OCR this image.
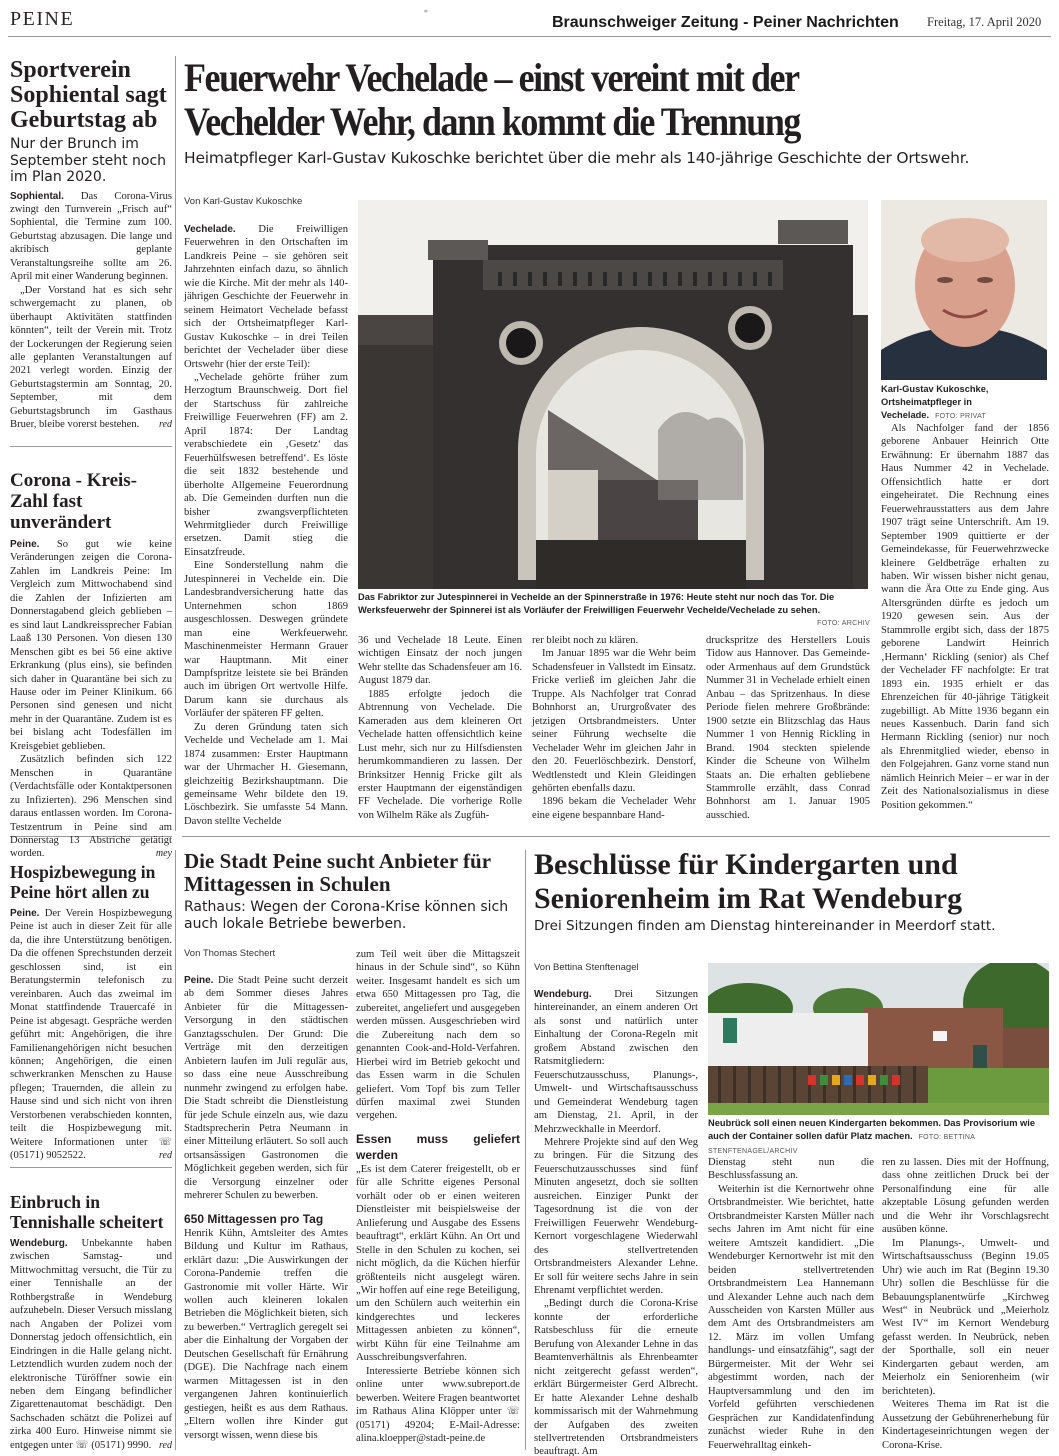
PEINE	*
Braunschweiger Zeitung - Peiner Nachrichten Freitag, 17. April 2020
Sportverein Sophiental sagt Geburtstag ab
Nur der Brunch im September steht noch im Plan 2020.

Sophiental. Das Corona-Virus zwingt den Turnverein „Frisch auf“ Sophiental, die Termine zum 100. Geburtstag abzusagen. Die lange und akribisch geplante Veranstaltungsreihe sollte am 26. April mit einer Wanderung beginnen.

„Der Vorstand hat es sich sehr schwergemacht zu planen, ob überhaupt Aktivitäten stattfinden könnten“, teilt der Verein mit. Trotz der Lockerungen der Regierung seien alle geplanten Veranstaltungen auf 2021 verlegt worden. Einzig der Geburtstagstermin am Sonntag, 20. September, mit dem Geburtstagsbrunch im Gasthaus Bruer, bleibe vorerst bestehen.	red

Corona - Kreis-Zahl fast unverändert

Peine. So gut wie keine Veränderungen zeigen die Corona-Zahlen im Landkreis Peine: Im Vergleich zum Mittwochabend sind die Zahlen der Infizierten am Donnerstagabend gleich geblieben – es sind laut Landkreissprecher Fabian Laaß 130 Personen. Von diesen 130 Menschen gibt es bei 56 eine aktive Erkrankung (plus eins), sie befinden sich daher in Quarantäne bei sich zu Hause oder im Peiner Klinikum. 66 Personen sind genesen und nicht mehr in der Quarantäne. Zudem ist es bei bislang acht Todesfällen im Kreisgebiet geblieben.

Zusätzlich befinden sich 122 Menschen in Quarantäne (Verdachtsfälle oder Kontaktpersonen zu Infizierten). 296 Menschen sind daraus entlassen worden. Im Corona-Testzentrum in Peine sind am Donnerstag 13 Abstriche getätigt worden.	mey

Hospizbewegung in Peine hört allen zu

Peine. Der Verein Hospizbewegung Peine ist auch in dieser Zeit für alle da, die ihre Unterstützung benötigen. Da die offenen Sprechstunden derzeit geschlossen sind, ist ein Beratungstermin telefonisch zu vereinbaren. Auch das zweimal im Monat stattfindende Trauercafé in Peine ist abgesagt. Gespräche werden geführt mit: Angehörigen, die ihre Familienangehörigen nicht besuchen können; Angehörigen, die einen schwerkranken Menschen zu Hause pflegen; Trauernden, die allein zu Hause sind und sich nicht von ihren Verstorbenen verabschieden konnten, teilt die Hospizbewegung mit. Weitere Informationen unter ☏ (05171) 9052522.	red

Einbruch in Tennishalle scheitert

Wendeburg. Unbekannte haben zwischen Samstag- und Mittwochmittag versucht, die Tür zu einer Tennishalle an der Rothbergstraße in Wendeburg aufzuhebeln. Dieser Versuch misslang nach Angaben der Polizei vom Donnerstag jedoch offensichtlich, ein Eindringen in die Halle gelang nicht. Letztendlich wurden zudem noch der elektronische Türöffner sowie ein neben dem Eingang befindlicher Zigarettenautomat beschädigt. Den Sachschaden schätzt die Polizei auf zirka 400 Euro. Hinweise nimmt sie entgegen unter ☏ (05171) 9990. red

Feuerwehr Vechelade – einst vereint mit der
Vechelder Wehr, dann kommt die Trennung
Heimatpfleger Karl-Gustav Kukoschke berichtet über die mehr als 140-jährige Geschichte der Ortswehr.
Von Karl-Gustav Kukoschke

Vechelade. Die Freiwilligen Feuerwehren in den Ortschaften im Landkreis Peine – sie gehören seit Jahrzehnten einfach dazu, so ähnlich wie die Kirche. Mit der mehr als 140-jährigen Geschichte der Feuerwehr in seinem Heimatort Vechelade befasst sich der Ortsheimatpfleger Karl-Gustav Kukoschke – in drei Teilen berichtet der Vechelader über diese Ortswehr (hier der erste Teil):

„Vechelade gehörte früher zum Herzogtum Braunschweig. Dort fiel der Startschuss für zahlreiche Freiwillige Feuerwehren (FF) am 2. April 1874: Der Landtag verabschiedete ein ‚Gesetz‘ das Feuerhülfswesen betreffend‘. Es löste die seit 1832 bestehende und überholte Allgemeine Feuerordnung ab. Die Gemeinden durften nun die bisher zwangsverpflichteten Wehrmitglieder durch Freiwillige ersetzen. Damit stieg die Einsatzfreude.

Eine Sonderstellung nahm die Jutespinnerei in Vechelde ein. Die Landesbrandversicherung hatte das Unternehmen schon 1869 ausgeschlossen. Deswegen gründete man eine Werkfeuerwehr. Maschinenmeister Hermann Grauer war Hauptmann. Mit einer Dampfspritze leistete sie bei Bränden auch im übrigen Ort wertvolle Hilfe. Darum kann sie durchaus als Vorläufer der späteren FF gelten.

Zu deren Gründung taten sich Vechelde und Vechelade am 1. Mai 1874 zusammen: Erster Hauptmann war der Uhrmacher H. Giesemann, gleichzeitig Bezirkshauptmann. Die gemeinsame Wehr bildete den 19. Löschbezirk. Sie umfasste 54 Mann. Davon stellte Vechelde

Das Fabriktor zur Jutespinnerei in Vechelde an der Spinnerstraße in 1976: Heute steht nur noch das Tor. Die Werksfeuerwehr der Spinnerei ist als Vorläufer der Freiwilligen Feuerwehr Vechelde/Vechelade zu sehen.
FOTO: ARCHIV

36 und Vechelade 18 Leute. Einen wichtigen Einsatz der noch jungen Wehr stellte das Schadensfeuer am 16. August 1879 dar.

1885 erfolgte jedoch die Abtrennung von Vechelade. Die Kameraden aus dem kleineren Ort Vechelade hatten offensichtlich keine Lust mehr, sich nur zu Hilfsdiensten herumkommandieren zu lassen. Der Brinksitzer Hennig Fricke gilt als erster Hauptmann der eigenständigen FF Vechelade. Die vorherige Rolle von Wilhelm Räke als Zugfüh-

rer bleibt noch zu klären.

Im Januar 1895 war die Wehr beim Schadensfeuer in Vallstedt im Einsatz. Fricke verließ im gleichen Jahr die Truppe. Als Nachfolger trat Conrad Bohnhorst an, Ururgroßvater des jetzigen Ortsbrandmeisters. Unter seiner Führung wechselte die Vechelader Wehr im gleichen Jahr in den 20. Feuerlöschbezirk. Denstorf, Wedtlenstedt und Klein Gleidingen gehörten ebenfalls dazu.

1896 bekam die Vechelader Wehr eine eigene bespannbare Hand-

druckspritze des Herstellers Louis Tidow aus Hannover. Das Gemeinde- oder Armenhaus auf dem Grundstück Nummer 31 in Vechelade erhielt einen Anbau – das Spritzenhaus. In diese Periode fielen mehrere Großbrände: 1900 setzte ein Blitzschlag das Haus Nummer 1 von Hennig Rickling in Brand. 1904 steckten spielende Kinder die Scheune von Wilhelm Staats an. Die erhalten gebliebene Stammrolle erzählt, dass Conrad Bohnhorst am 1. Januar 1905 ausschied.

Karl-Gustav Kukoschke, Ortsheimatpfleger in Vechelade. FOTO: PRIVAT

Als Nachfolger fand der 1856 geborene Anbauer Heinrich Otte Erwähnung: Er übernahm 1887 das Haus Nummer 42 in Vechelade. Offensichtlich hatte er dort eingeheiratet. Die Rechnung eines Feuerwehrausstatters aus dem Jahre 1907 trägt seine Unterschrift. Am 19. September 1909 quittierte er der Gemeindekasse, für Feuerwehrzwecke kleinere Geldbeträge erhalten zu haben. Wir wissen bisher nicht genau, wann die Ära Otte zu Ende ging. Aus Altersgründen dürfte es jedoch um 1920 gewesen sein. Aus der Stammrolle ergibt sich, dass der 1875 geborene Landwirt Heinrich ‚Hermann‘ Rickling (senior) als Chef der Vechelader FF nachfolgte: Er trat 1893 ein. 1935 erhielt er das Ehrenzeichen für 40-jährige Tätigkeit zugebilligt. Ab Mitte 1936 begann ein neues Kassenbuch. Darin fand sich Hermann Rickling (senior) nur noch als Ehrenmitglied wieder, ebenso in den Folgejahren. Ganz vorne stand nun nämlich Heinrich Meier – er war in der Zeit des Nationalsozialismus in diese Position gekommen.“

Die Stadt Peine sucht Anbieter für Mittagessen in Schulen
Rathaus: Wegen der Corona-Krise können sich auch lokale Betriebe bewerben.
Von Thomas Stechert

Peine. Die Stadt Peine sucht derzeit ab dem Sommer dieses Jahres Anbieter für die Mittagessen-Versorgung in den städtischen Ganztagsschulen. Der Grund: Die Verträge mit den derzeitigen Anbietern laufen im Juli regulär aus, so dass eine neue Ausschreibung nunmehr zwingend zu erfolgen habe. Die Stadt schreibt die Dienstleistung für jede Schule einzeln aus, wie dazu Stadtsprecherin Petra Neumann in einer Mitteilung erläutert. So soll auch ortsansässigen Gastronomen die Möglichkeit gegeben werden, sich für die Versorgung einzelner oder mehrerer Schulen zu bewerben.

650 Mittagessen pro Tag

Henrik Kühn, Amtsleiter des Amtes Bildung und Kultur im Rathaus, erklärt dazu: „Die Auswirkungen der Corona-Pandemie treffen die Gastronomie mit voller Härte. Wir wollen auch kleineren lokalen Betrieben die Möglichkeit bieten, sich zu bewerben.“ Vertraglich geregelt sei aber die Einhaltung der Vorgaben der Deutschen Gesellschaft für Ernährung (DGE). Die Nachfrage nach einem warmen Mittagessen ist in den vergangenen Jahren kontinuierlich gestiegen, heißt es aus dem Rathaus. „Eltern wollen ihre Kinder gut versorgt wissen, wenn diese bis

zum Teil weit über die Mittagszeit hinaus in der Schule sind“, so Kühn weiter. Insgesamt handelt es sich um etwa 650 Mittagessen pro Tag, die zubereitet, angeliefert und ausgegeben werden müssen. Ausgeschrieben wird die Zubereitung nach dem so genannten Cook-and-Hold-Verfahren. Hierbei wird im Betrieb gekocht und das Essen warm in die Schulen geliefert. Vom Topf bis zum Teller dürfen maximal zwei Stunden vergehen.

Essen muss geliefert werden

„Es ist dem Caterer freigestellt, ob er für alle Schritte eigenes Personal vorhält oder ob er einen weiteren Dienstleister mit beispielsweise der Anlieferung und Ausgabe des Essens beauftragt“, erklärt Kühn. An Ort und Stelle in den Schulen zu kochen, sei nicht möglich, da die Küchen hierfür größtenteils nicht ausgelegt wären. „Wir hoffen auf eine rege Beteiligung, um den Schülern auch weiterhin ein kindgerechtes und leckeres Mittagessen anbieten zu können“, wirbt Kühn für eine Teilnahme am Ausschreibungsverfahren.

Interessierte Betriebe können sich online unter www.subreport.de bewerben. Weitere Fragen beantwortet im Rathaus Alina Klöpper unter ☏ (05171) 49204; E-Mail-Adresse: alina.kloepper@stadt-peine.de

Beschlüsse für Kindergarten und
Seniorenheim im Rat Wendeburg
Drei Sitzungen finden am Dienstag hintereinander in Meerdorf statt.
Von Bettina Stenftenagel

Wendeburg. Drei Sitzungen hintereinander, an einem anderen Ort als sonst und natürlich unter Einhaltung der Corona-Regeln mit großem Abstand zwischen den Ratsmitgliedern: Feuerschutzausschuss, Planungs-, Umwelt- und Wirtschaftsausschuss und Gemeinderat Wendeburg tagen am Dienstag, 21. April, in der Mehrzweckhalle in Meerdorf.

Mehrere Projekte sind auf den Weg zu bringen. Für die Sitzung des Feuerschutzausschusses sind fünf Minuten angesetzt, doch sie sollten ausreichen. Einziger Punkt der Tagesordnung ist die von der Freiwilligen Feuerwehr Wendeburg-Kernort vorgeschlagene Wiederwahl des stellvertretenden Ortsbrandmeisters Alexander Lehne. Er soll für weitere sechs Jahre in sein Ehrenamt verpflichtet werden.

„Bedingt durch die Corona-Krise konnte der erforderliche Ratsbeschluss für die erneute Berufung von Alexander Lehne in das Beamtenverhältnis als Ehrenbeamter nicht zeitgerecht gefasst werden“, erklärt Bürgermeister Gerd Albrecht. Er hatte Alexander Lehne deshalb kommissarisch mit der Wahrnehmung der Aufgaben des zweiten stellvertretenden Ortsbrandmeisters beauftragt. Am

Neubrück soll einen neuen Kindergarten bekommen. Das Provisorium wie auch der Container sollen dafür Platz machen. FOTO: BETTINA STENFTENAGEL/ARCHIV

Dienstag steht nun die Beschlussfassung an.

Weiterhin ist die Kernortwehr ohne Ortsbrandmeister. Wie berichtet, hatte Ortsbrandmeister Karsten Müller nach sechs Jahren im Amt nicht für eine weitere Amtszeit kandidiert. „Die Wendeburger Kernortwehr ist mit den beiden stellvertretenden Ortsbrandmeistern Lea Hannemann und Alexander Lehne auch nach dem Ausscheiden von Karsten Müller aus dem Amt des Ortsbrandmeisters am 12. März im vollen Umfang handlungs- und einsatzfähig“, sagt der Bürgermeister. Mit der Wehr sei abgestimmt worden, nach der Hauptversammlung und den im Vorfeld geführten verschiedenen Gesprächen zur Kandidatenfindung zunächst wieder Ruhe in den Feuerwehralltag einkeh-

ren zu lassen. Dies mit der Hoffnung, dass ohne zeitlichen Druck bei der Personalfindung eine für alle akzeptable Lösung gefunden werden und die Wehr ihr Vorschlagsrecht ausüben könne.

Im Planungs-, Umwelt- und Wirtschaftsausschuss (Beginn 19.05 Uhr) wie auch im Rat (Beginn 19.30 Uhr) sollen die Beschlüsse für die Bebauungsplanentwürfe „Kirchweg West“ in Neubrück und „Meierholz West IV“ im Kernort Wendeburg gefasst werden. In Neubrück, neben der Sporthalle, soll ein neuer Kindergarten gebaut werden, am Meierholz ein Seniorenheim (wir berichteten).

Weiteres Thema im Rat ist die Aussetzung der Gebührenerhebung für Kindertageseinrichtungen wegen der Corona-Krise.
